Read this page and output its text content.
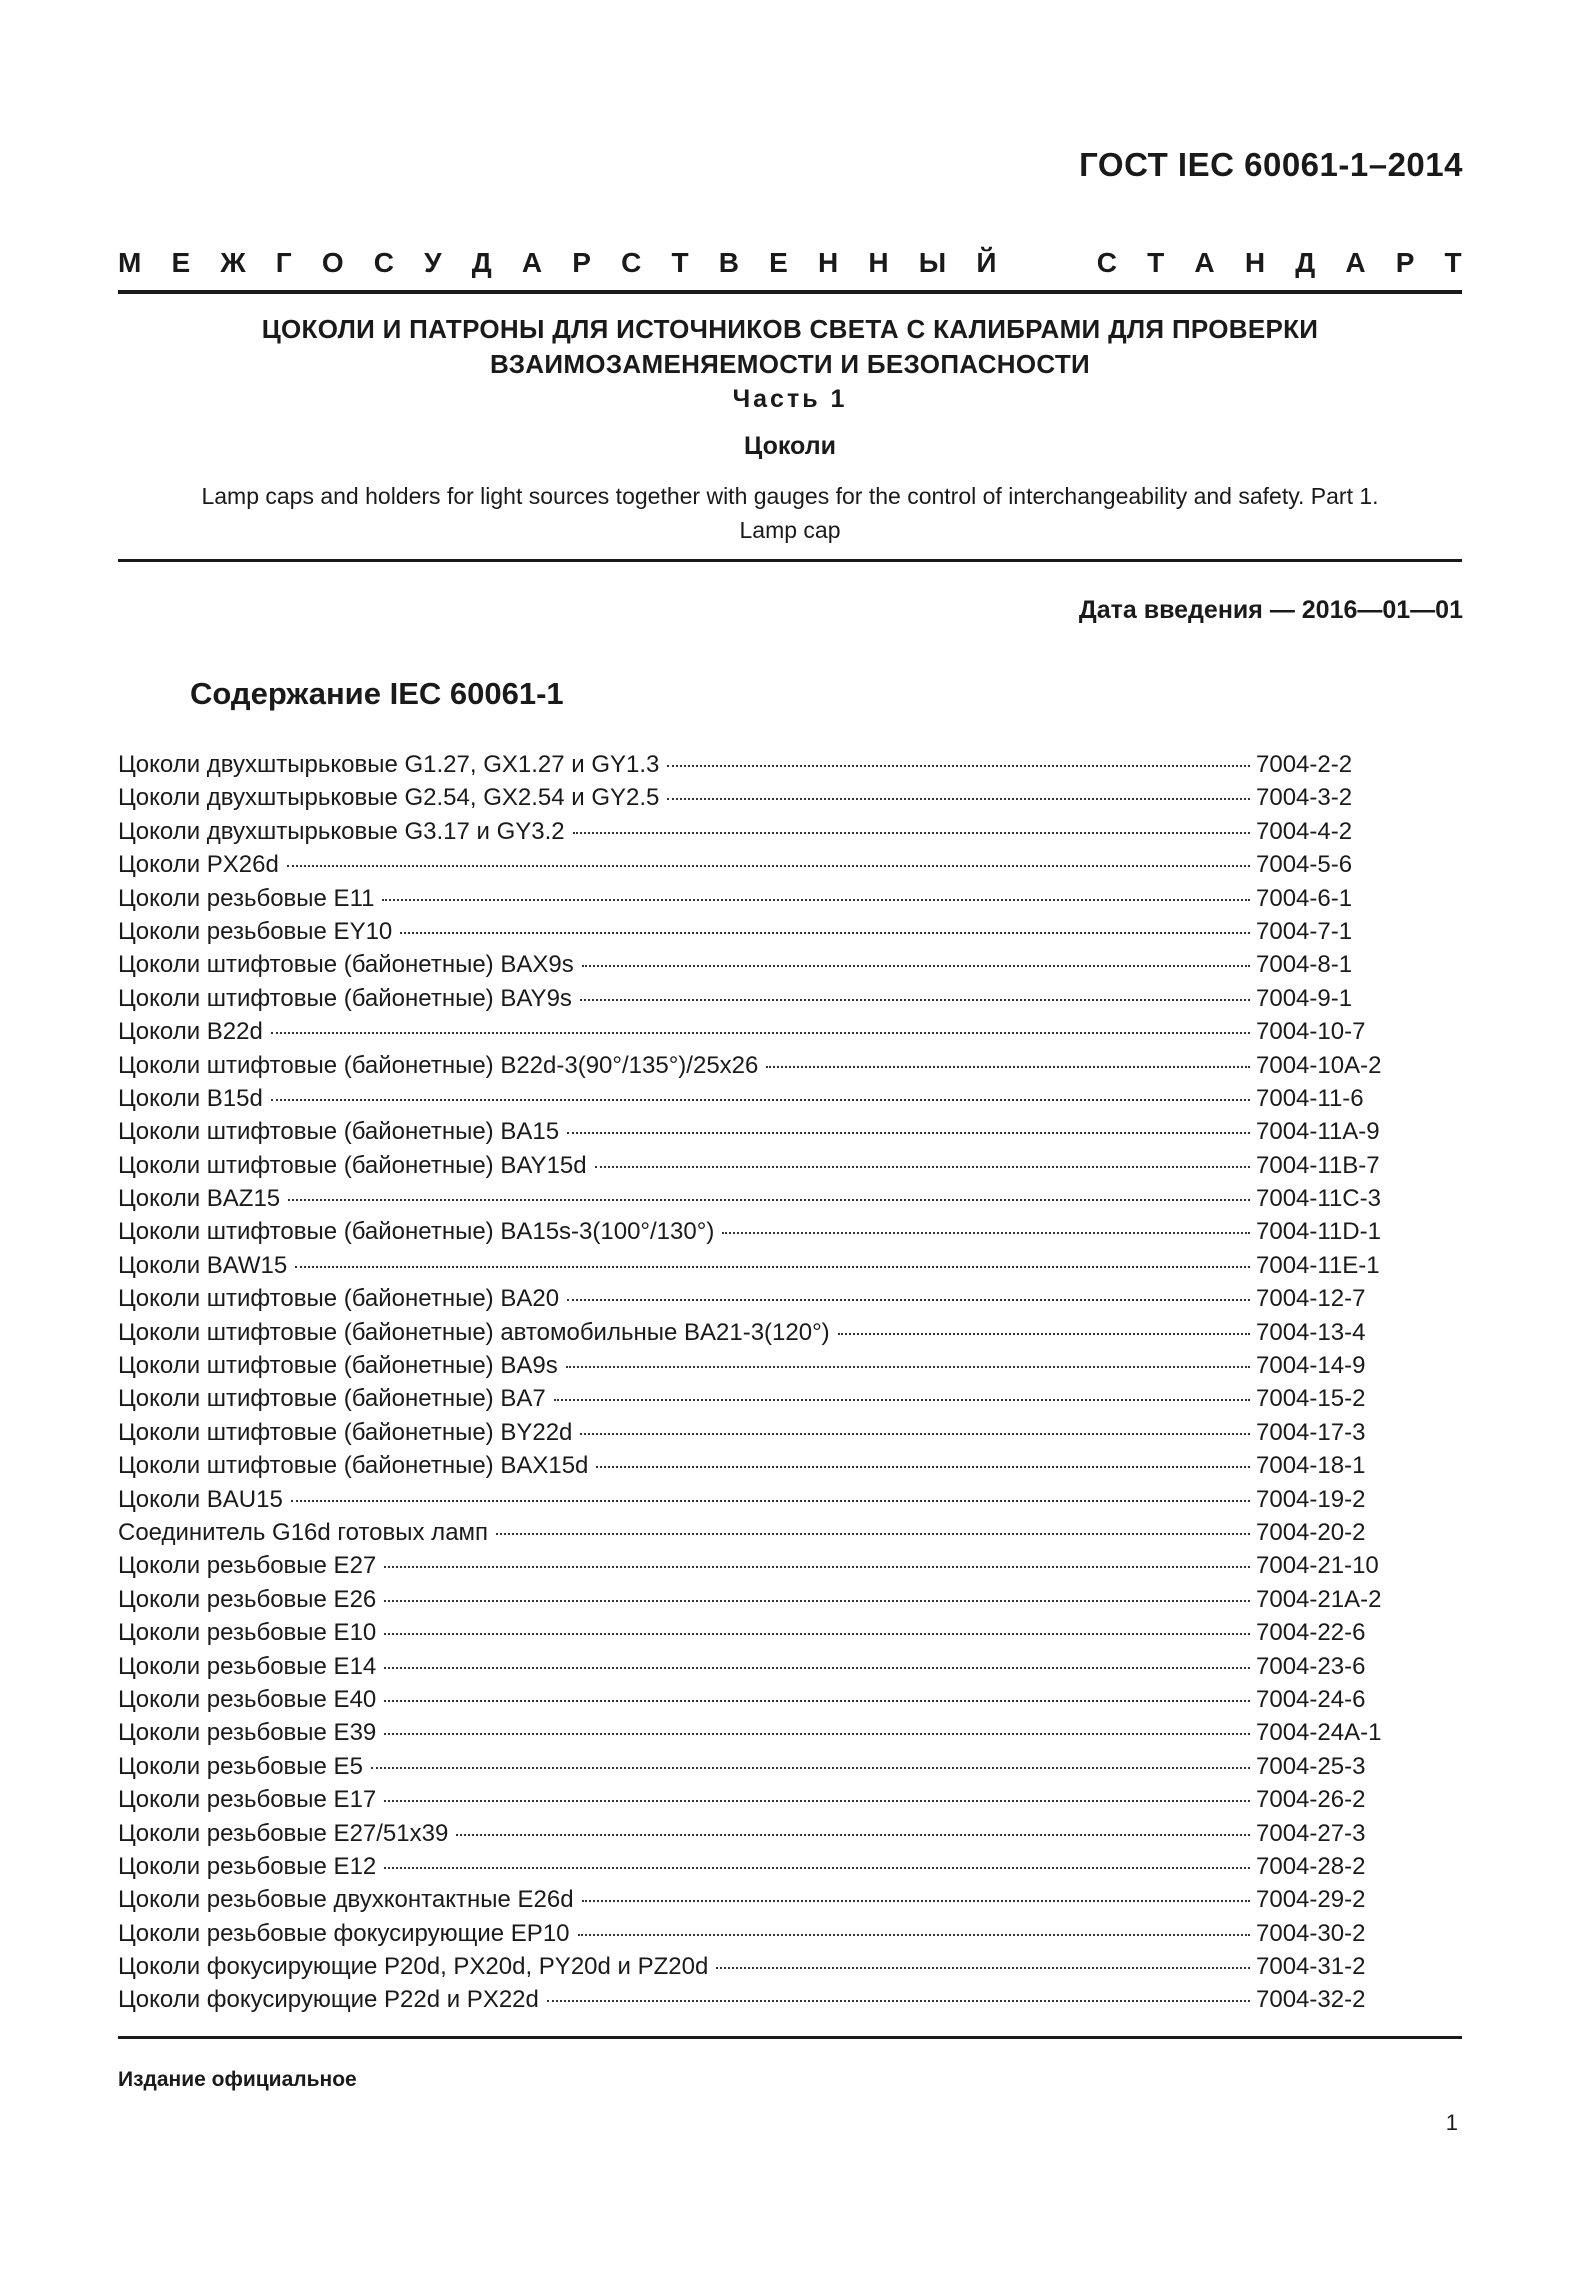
ГОСТ IEC 60061-1–2014
М Е Ж Г О С У Д А Р С Т В Е Н Н Ы Й	С Т А Н Д А Р Т
ЦОКОЛИ И ПАТРОНЫ ДЛЯ ИСТОЧНИКОВ СВЕТА С КАЛИБРАМИ ДЛЯ ПРОВЕРКИ
ВЗАИМОЗАМЕНЯЕМОСТИ И БЕЗОПАСНОСТИ
Часть 1
Цоколи
Lamp caps and holders for light sources together with gauges for the control of interchangeability and safety. Part 1.
Lamp cap
Дата введения — 2016—01—01
Содержание IEC 60061-1
Цоколи двухштырьковые G1.27, GX1.27 и GY1.3	7004-2-2
Цоколи двухштырьковые G2.54, GX2.54 и GY2.5	7004-3-2
Цоколи двухштырьковые G3.17 и GY3.2	7004-4-2
Цоколи PX26d	7004-5-6
Цоколи резьбовые E11	7004-6-1
Цоколи резьбовые EY10	7004-7-1
Цоколи штифтовые (байонетные) BAX9s	7004-8-1
Цоколи штифтовые (байонетные) BAY9s	7004-9-1
Цоколи B22d	7004-10-7
Цоколи штифтовые (байонетные) B22d-3(90°/135°)/25x26	7004-10A-2
Цоколи B15d	7004-11-6
Цоколи штифтовые (байонетные) BA15	7004-11A-9
Цоколи штифтовые (байонетные) BAY15d	7004-11B-7
Цоколи BAZ15	7004-11C-3
Цоколи штифтовые (байонетные) BA15s-3(100°/130°)	7004-11D-1
Цоколи BAW15	7004-11E-1
Цоколи штифтовые (байонетные) BA20	7004-12-7
Цоколи штифтовые (байонетные) автомобильные BA21-3(120°)	7004-13-4
Цоколи штифтовые (байонетные) BA9s	7004-14-9
Цоколи штифтовые (байонетные) BA7	7004-15-2
Цоколи штифтовые (байонетные) BY22d	7004-17-3
Цоколи штифтовые (байонетные) BAX15d	7004-18-1
Цоколи BAU15	7004-19-2
Соединитель G16d готовых ламп	7004-20-2
Цоколи резьбовые E27	7004-21-10
Цоколи резьбовые E26	7004-21A-2
Цоколи резьбовые E10	7004-22-6
Цоколи резьбовые E14	7004-23-6
Цоколи резьбовые E40	7004-24-6
Цоколи резьбовые E39	7004-24A-1
Цоколи резьбовые E5	7004-25-3
Цоколи резьбовые E17	7004-26-2
Цоколи резьбовые E27/51x39	7004-27-3
Цоколи резьбовые E12	7004-28-2
Цоколи резьбовые двухконтактные E26d	7004-29-2
Цоколи резьбовые фокусирующие EP10	7004-30-2
Цоколи фокусирующие P20d, PX20d, PY20d и PZ20d	7004-31-2
Цоколи фокусирующие P22d и PX22d	7004-32-2
Издание официальное
1
